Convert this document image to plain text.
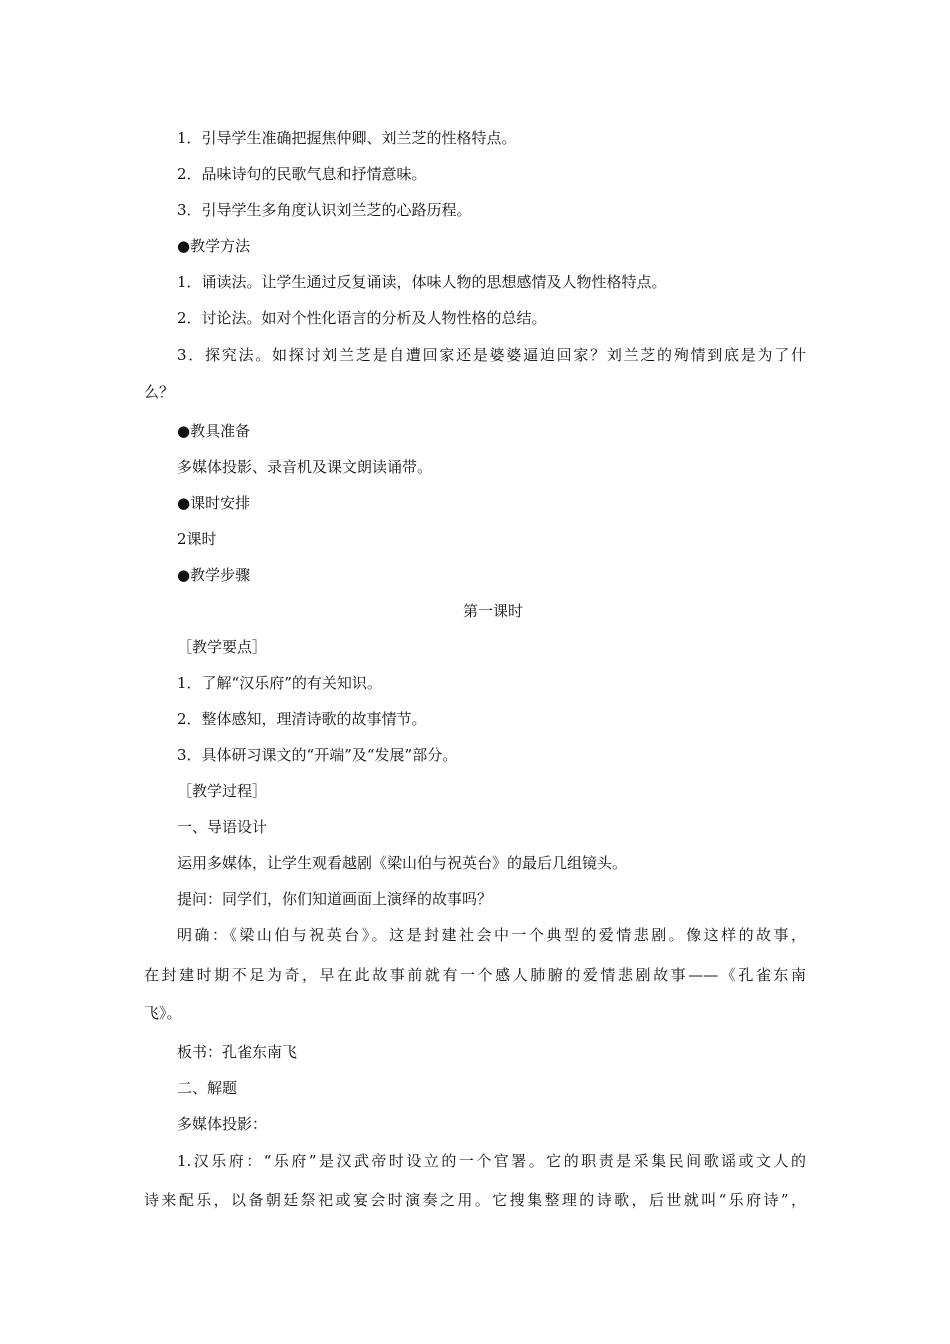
1．引导学生准确把握焦仲卿、刘兰芝的性格特点。
2．品味诗句的民歌气息和抒情意味。
3．引导学生多角度认识刘兰芝的心路历程。
●教学方法
1．诵读法。让学生通过反复诵读，体味人物的思想感情及人物性格特点。
2．讨论法。如对个性化语言的分析及人物性格的总结。
3．探究法。如探讨刘兰芝是自遭回家还是婆婆逼迫回家？刘兰芝的殉情到底是为了什
么？
●教具准备
多媒体投影、录音机及课文朗读诵带。
●课时安排
2课时
●教学步骤
第一课时
［教学要点］
1．了解“汉乐府”的有关知识。
2．整体感知，理清诗歌的故事情节。
3．具体研习课文的“开端”及“发展”部分。
［教学过程］
一、导语设计
运用多媒体，让学生观看越剧《梁山伯与祝英台》的最后几组镜头。
提问：同学们，你们知道画面上演绎的故事吗？
明确：《梁山伯与祝英台》。这是封建社会中一个典型的爱情悲剧。像这样的故事，
在封建时期不足为奇，早在此故事前就有一个感人肺腑的爱情悲剧故事——《孔雀东南
飞》。
板书：孔雀东南飞
二、解题
多媒体投影：
1.汉乐府：“乐府”是汉武帝时设立的一个官署。它的职责是采集民间歌谣或文人的
诗来配乐，以备朝廷祭祀或宴会时演奏之用。它搜集整理的诗歌，后世就叫“乐府诗”，
